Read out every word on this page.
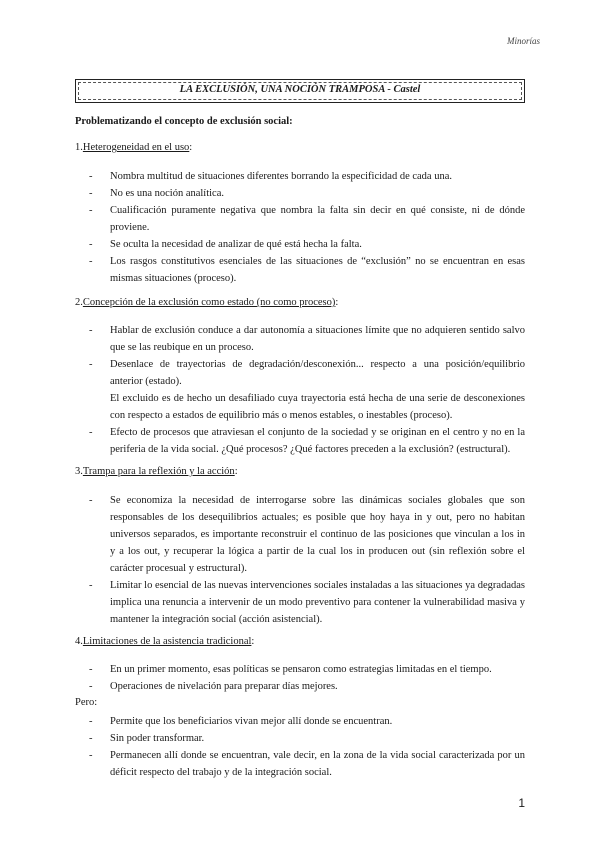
Minorías
LA EXCLUSIÓN, UNA NOCIÓN TRAMPOSA - Castel
Problematizando el concepto de exclusión social:
1.Heterogeneidad en el uso:
- Nombra multitud de situaciones diferentes borrando la especificidad de cada una.
- No es una noción analítica.
- Cualificación puramente negativa que nombra la falta sin decir en qué consiste, ni de dónde proviene.
- Se oculta la necesidad de analizar de qué está hecha la falta.
- Los rasgos constitutivos esenciales de las situaciones de “exclusión” no se encuentran en esas mismas situaciones (proceso).
2.Concepción de la exclusión como estado (no como proceso):
- Hablar de exclusión conduce a dar autonomía a situaciones límite que no adquieren sentido salvo que se las reubique en un proceso.
- Desenlace de trayectorias de degradación/desconexión... respecto a una posición/equilibrio anterior (estado).
El excluido es de hecho un desafiliado cuya trayectoria está hecha de una serie de desconexiones con respecto a estados de equilibrio más o menos estables, o inestables (proceso).
- Efecto de procesos que atraviesan el conjunto de la sociedad y se originan en el centro y no en la periferia de la vida social. ¿Qué procesos? ¿Qué factores preceden a la exclusión? (estructural).
3.Trampa para la reflexión y la acción:
- Se economiza la necesidad de interrogarse sobre las dinámicas sociales globales que son responsables de los desequilibrios actuales; es posible que hoy haya in y out, pero no habitan universos separados, es importante reconstruir el continuo de las posiciones que vinculan a los in y a los out, y recuperar la lógica a partir de la cual los in producen out (sin reflexión sobre el carácter procesual y estructural).
- Limitar lo esencial de las nuevas intervenciones sociales instaladas a las situaciones ya degradadas implica una renuncia a intervenir de un modo preventivo para contener la vulnerabilidad masiva y mantener la integración social (acción asistencial).
4.Limitaciones de la asistencia tradicional:
- En un primer momento, esas políticas se pensaron como estrategias limitadas en el tiempo.
- Operaciones de nivelación para preparar días mejores.
Pero:
- Permite que los beneficiarios vivan mejor allí donde se encuentran.
- Sin poder transformar.
- Permanecen allí donde se encuentran, vale decir, en la zona de la vida social caracterizada por un déficit respecto del trabajo y de la integración social.
1
